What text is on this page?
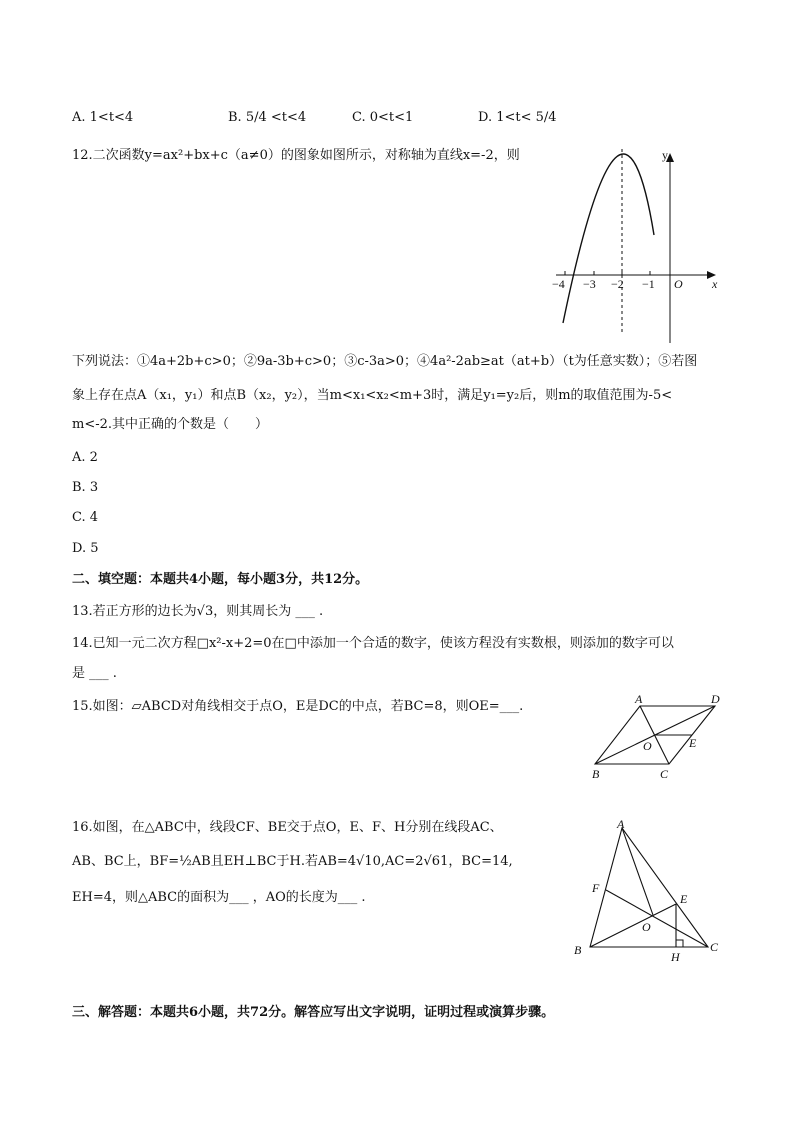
A. 1<t<4	B. 5/4 <t<4	C. 0<t<1	D. 1<t< 5/4
12.二次函数y=ax²+bx+c（a≠0）的图象如图所示，对称轴为直线x=-2，则	y
x
−4 −3 −2 −1 O
下列说法：①4a+2b+c>0；②9a-3b+c>0；③c-3a>0；④4a²-2ab≥at（at+b）（t为任意实数）；⑤若图
象上存在点A（x₁，y₁）和点B（x₂，y₂），当m<x₁<x₂<m+3时，满足y₁=y₂后，则m的取值范围为-5<
m<-2.其中正确的个数是（　　）
A. 2
B. 3
C. 4
D. 5
二、填空题：本题共4小题，每小题3分，共12分。
13.若正方形的边长为√3，则其周长为 ___ .
14.已知一元二次方程□x²-x+2=0在□中添加一个合适的数字，使该方程没有实数根，则添加的数字可以
是 ___ .
15.如图：▱ABCD对角线相交于点O，E是DC的中点，若BC=8，则OE=___.	A	D
O	E
B	C
16.如图，在△ABC中，线段CF、BE交于点O，E、F、H分别在线段AC、
AB、BC上，BF=½AB且EH⊥BC于H.若AB=4√10,AC=2√61，BC=14,
EH=4，则△ABC的面积为___ ，AO的长度为___ .
A
F
E
O
B	H
C
三、解答题：本题共6小题，共72分。解答应写出文字说明，证明过程或演算步骤。
